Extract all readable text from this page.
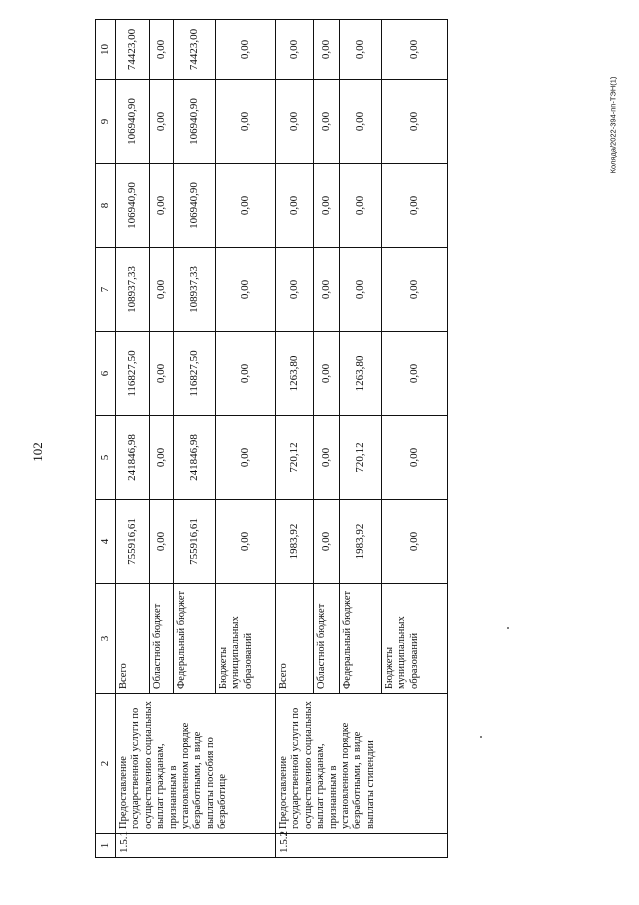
102
Коляда/2022-394-пп-ТЭН(1)
1	2	3	4	5	6	7	8	9	10
1.5.1	Предоставление государственной услуги по осуществлению социальных выплат гражданам, признанным в установленном порядке безработными, в виде выплаты пособия по безработице	Всего	755916,61	241846,98	116827,50	108937,33	106940,90	106940,90	74423,00
		Областной бюджет	0,00	0,00	0,00	0,00	0,00	0,00	0,00
		Федеральный бюджет	755916,61	241846,98	116827,50	108937,33	106940,90	106940,90	74423,00
		Бюджеты муниципальных образований	0,00	0,00	0,00	0,00	0,00	0,00	0,00
1.5.2	Предоставление государственной услуги по осуществлению социальных выплат гражданам, признанным в установленном порядке безработными, в виде выплаты стипендии	Всего	1983,92	720,12	1263,80	0,00	0,00	0,00	0,00
		Областной бюджет	0,00	0,00	0,00	0,00	0,00	0,00	0,00
		Федеральный бюджет	1983,92	720,12	1263,80	0,00	0,00	0,00	0,00
		Бюджеты муниципальных образований	0,00	0,00	0,00	0,00	0,00	0,00	0,00
